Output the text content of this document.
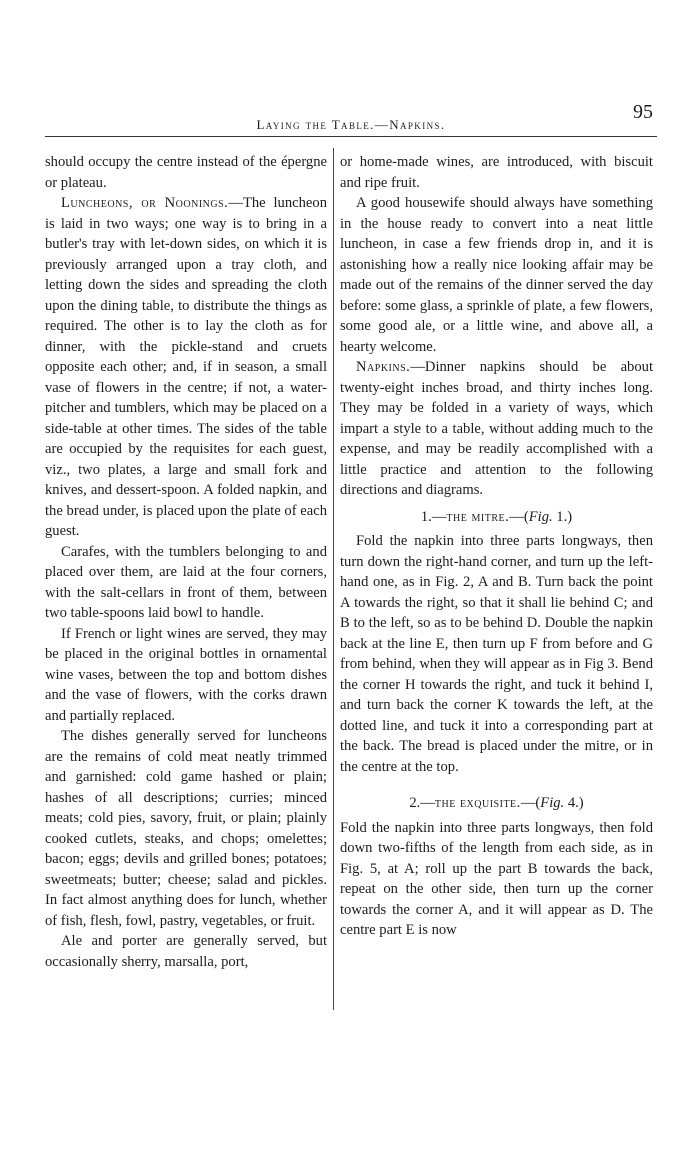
Laying the Table.—Napkins.
95

should occupy the centre instead of the épergne or plateau.

Luncheons, or Noonings.—The luncheon is laid in two ways; one way is to bring in a butler's tray with let-down sides, on which it is previously arranged upon a tray cloth, and letting down the sides and spreading the cloth upon the dining table, to distribute the things as required. The other is to lay the cloth as for dinner, with the pickle-stand and cruets opposite each other; and, if in season, a small vase of flowers in the centre; if not, a water-pitcher and tumblers, which may be placed on a side-table at other times. The sides of the table are occupied by the requisites for each guest, viz., two plates, a large and small fork and knives, and dessert-spoon. A folded napkin, and the bread under, is placed upon the plate of each guest.

Carafes, with the tumblers belonging to and placed over them, are laid at the four corners, with the salt-cellars in front of them, between two table-spoons laid bowl to handle.

If French or light wines are served, they may be placed in the original bottles in ornamental wine vases, between the top and bottom dishes and the vase of flowers, with the corks drawn and partially replaced.

The dishes generally served for luncheons are the remains of cold meat neatly trimmed and garnished: cold game hashed or plain; hashes of all descriptions; curries; minced meats; cold pies, savory, fruit, or plain; plainly cooked cutlets, steaks, and chops; omelettes; bacon; eggs; devils and grilled bones; potatoes; sweetmeats; butter; cheese; salad and pickles. In fact almost anything does for lunch, whether of fish, flesh, fowl, pastry, vegetables, or fruit.

Ale and porter are generally served, but occasionally sherry, marsalla, port,

or home-made wines, are introduced, with biscuit and ripe fruit.

A good housewife should always have something in the house ready to convert into a neat little luncheon, in case a few friends drop in, and it is astonishing how a really nice looking affair may be made out of the remains of the dinner served the day before: some glass, a sprinkle of plate, a few flowers, some good ale, or a little wine, and above all, a hearty welcome.

Napkins.—Dinner napkins should be about twenty-eight inches broad, and thirty inches long. They may be folded in a variety of ways, which impart a style to a table, without adding much to the expense, and may be readily accomplished with a little practice and attention to the following directions and diagrams.

1.—the mitre.—(Fig. 1.)

Fold the napkin into three parts longways, then turn down the right-hand corner, and turn up the left-hand one, as in Fig. 2, A and B. Turn back the point A towards the right, so that it shall lie behind C; and B to the left, so as to be behind D. Double the napkin back at the line E, then turn up F from before and G from behind, when they will appear as in Fig 3. Bend the corner H towards the right, and tuck it behind I, and turn back the corner K towards the left, at the dotted line, and tuck it into a corresponding part at the back. The bread is placed under the mitre, or in the centre at the top.

2.—the exquisite.—(Fig. 4.)

Fold the napkin into three parts longways, then fold down two-fifths of the length from each side, as in Fig. 5, at A; roll up the part B towards the back, repeat on the other side, then turn up the corner towards the corner A, and it will appear as D. The centre part E is now
